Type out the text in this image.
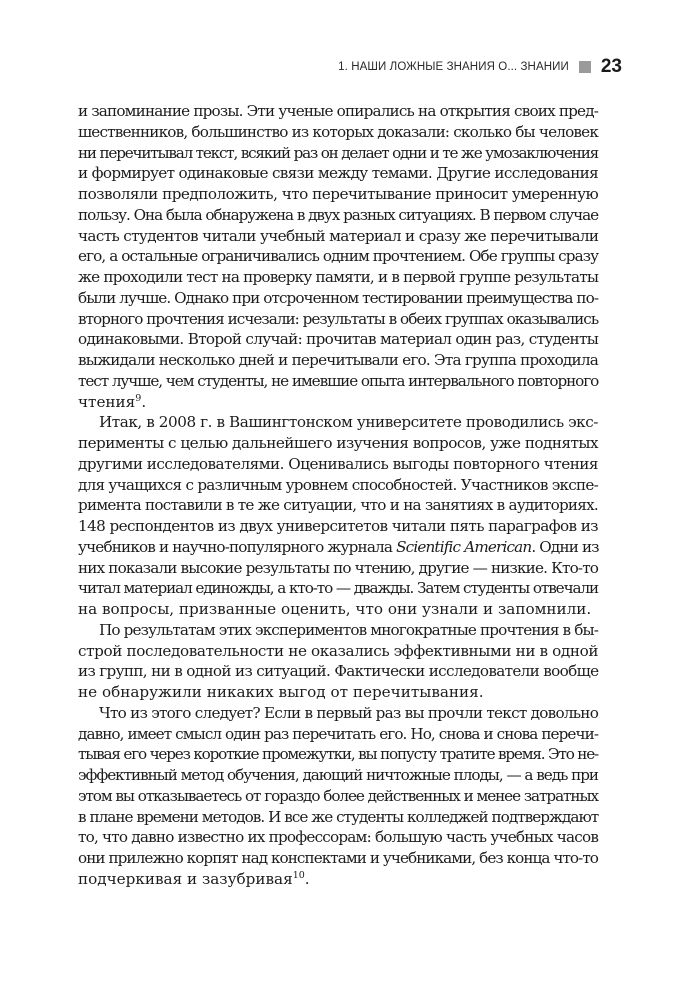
1. НАШИ ЛОЖНЫЕ ЗНАНИЯ О... ЗНАНИИ 23
и запоминание прозы. Эти ученые опирались на открытия своих пред-
шественников, большинство из которых доказали: сколько бы человек
ни перечитывал текст, всякий раз он делает одни и те же умозаключения
и формирует одинаковые связи между темами. Другие исследования
позволяли предположить, что перечитывание приносит умеренную
пользу. Она была обнаружена в двух разных ситуациях. В первом случае
часть студентов читали учебный материал и сразу же перечитывали
его, а остальные ограничивались одним прочтением. Обе группы сразу
же проходили тест на проверку памяти, и в первой группе результаты
были лучше. Однако при отсроченном тестировании преимущества по-
вторного прочтения исчезали: результаты в обеих группах оказывались
одинаковыми. Второй случай: прочитав материал один раз, студенты
выжидали несколько дней и перечитывали его. Эта группа проходила
тест лучше, чем студенты, не имевшие опыта интервального повторного
чтения$^9$.
Итак, в 2008 г. в Вашингтонском университете проводились экс-
перименты с целью дальнейшего изучения вопросов, уже поднятых
другими исследователями. Оценивались выгоды повторного чтения
для учащихся с различным уровнем способностей. Участников экспе-
римента поставили в те же ситуации, что и на занятиях в аудиториях.
148 респондентов из двух университетов читали пять параграфов из
учебников и научно-популярного журнала Scientific American. Одни из
них показали высокие результаты по чтению, другие — низкие. Кто-то
читал материал единожды, а кто-то — дважды. Затем студенты отвечали
на вопросы, призванные оценить, что они узнали и запомнили.
По результатам этих экспериментов многократные прочтения в бы-
строй последовательности не оказались эффективными ни в одной
из групп, ни в одной из ситуаций. Фактически исследователи вообще
не обнаружили никаких выгод от перечитывания.
Что из этого следует? Если в первый раз вы прочли текст довольно
давно, имеет смысл один раз перечитать его. Но, снова и снова перечи-
тывая его через короткие промежутки, вы попусту тратите время. Это не-
эффективный метод обучения, дающий ничтожные плоды, — а ведь при
этом вы отказываетесь от гораздо более действенных и менее затратных
в плане времени методов. И все же студенты колледжей подтверждают
то, что давно известно их профессорам: большую часть учебных часов
они прилежно корпят над конспектами и учебниками, без конца что-то
подчеркивая и зазубривая$^{10}$.
